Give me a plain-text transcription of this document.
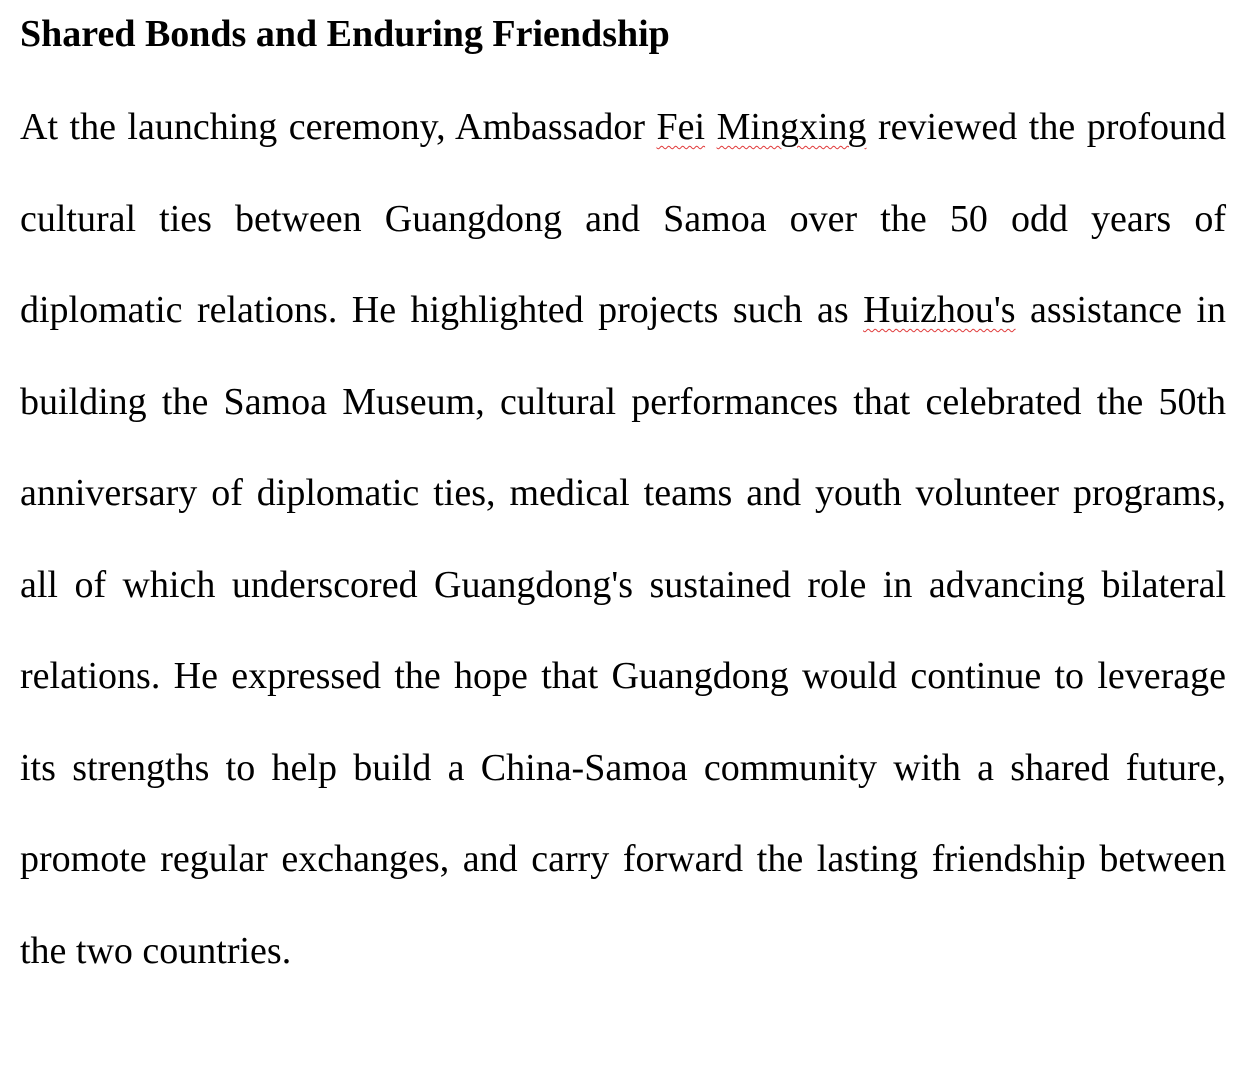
Shared Bonds and Enduring Friendship

At the launching ceremony, Ambassador Fei Mingxing reviewed the profound cultural ties between Guangdong and Samoa over the 50 odd years of diplomatic relations. He highlighted projects such as Huizhou's assistance in building the Samoa Museum, cultural performances that celebrated the 50th anniversary of diplomatic ties, medical teams and youth volunteer programs, all of which underscored Guangdong's sustained role in advancing bilateral relations. He expressed the hope that Guangdong would continue to leverage its strengths to help build a China-Samoa community with a shared future, promote regular exchanges, and carry forward the lasting friendship between the two countries.
